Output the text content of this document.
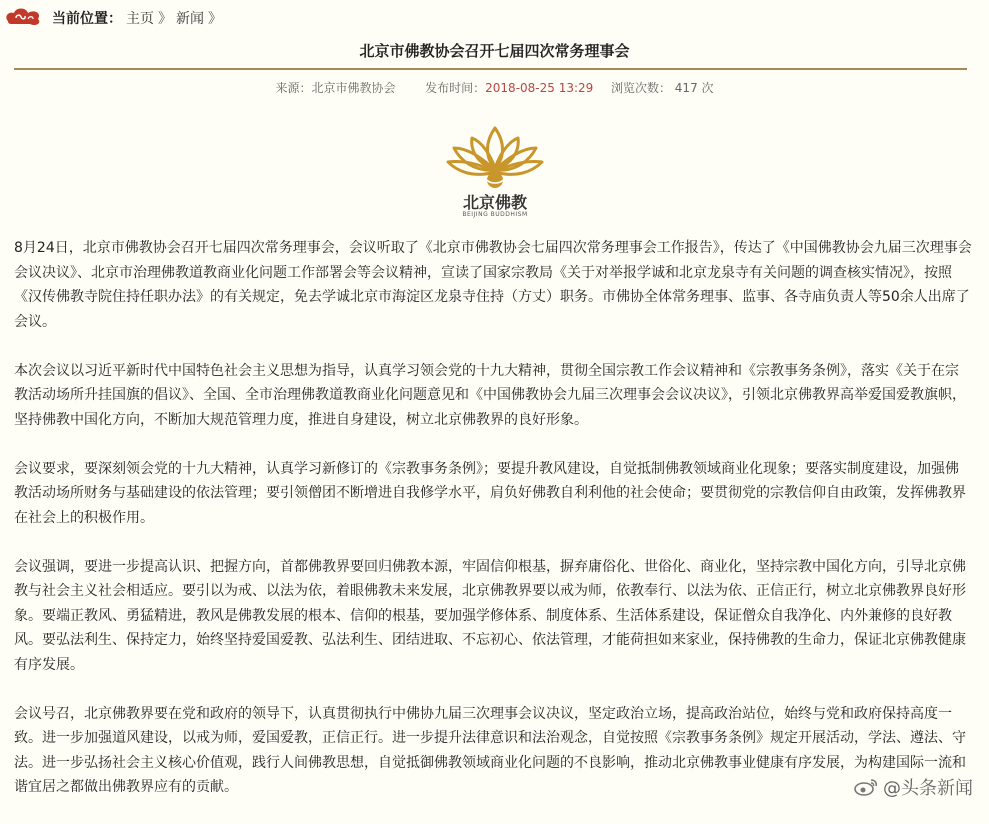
当前位置： 主页 》 新闻 》
北京市佛教协会召开七届四次常务理事会
来源：北京市佛教协会 发布时间：2018-08-25 13:29 浏览次数： 417 次
北京佛教
BEIJING BUDDHISM

8月24日，北京市佛教协会召开七届四次常务理事会，会议听取了《北京市佛教协会七届四次常务理事会工作报告》，传达了《中国佛教协会九届三次理事会会议决议》、北京市治理佛教道教商业化问题工作部署会等会议精神，宣读了国家宗教局《关于对举报学诚和北京龙泉寺有关问题的调查核实情况》，按照《汉传佛教寺院住持任职办法》的有关规定，免去学诚北京市海淀区龙泉寺住持（方丈）职务。市佛协全体常务理事、监事、各寺庙负责人等50余人出席了会议。

本次会议以习近平新时代中国特色社会主义思想为指导，认真学习领会党的十九大精神，贯彻全国宗教工作会议精神和《宗教事务条例》，落实《关于在宗教活动场所升挂国旗的倡议》、全国、全市治理佛教道教商业化问题意见和《中国佛教协会九届三次理事会会议决议》，引领北京佛教界高举爱国爱教旗帜，坚持佛教中国化方向，不断加大规范管理力度，推进自身建设，树立北京佛教界的良好形象。

会议要求，要深刻领会党的十九大精神，认真学习新修订的《宗教事务条例》；要提升教风建设，自觉抵制佛教领域商业化现象；要落实制度建设，加强佛教活动场所财务与基础建设的依法管理；要引领僧团不断增进自我修学水平，肩负好佛教自利利他的社会使命；要贯彻党的宗教信仰自由政策，发挥佛教界在社会上的积极作用。

会议强调，要进一步提高认识、把握方向，首都佛教界要回归佛教本源，牢固信仰根基，摒弃庸俗化、世俗化、商业化，坚持宗教中国化方向，引导北京佛教与社会主义社会相适应。要引以为戒、以法为依，着眼佛教未来发展，北京佛教界要以戒为师，依教奉行、以法为依、正信正行，树立北京佛教界良好形象。要端正教风、勇猛精进，教风是佛教发展的根本、信仰的根基，要加强学修体系、制度体系、生活体系建设，保证僧众自我净化、内外兼修的良好教风。要弘法利生、保持定力，始终坚持爱国爱教、弘法利生、团结进取、不忘初心、依法管理，才能荷担如来家业，保持佛教的生命力，保证北京佛教健康有序发展。

会议号召，北京佛教界要在党和政府的领导下，认真贯彻执行中佛协九届三次理事会议决议，坚定政治立场，提高政治站位，始终与党和政府保持高度一致。进一步加强道风建设，以戒为师，爱国爱教，正信正行。进一步提升法律意识和法治观念，自觉按照《宗教事务条例》规定开展活动，学法、遵法、守法。进一步弘扬社会主义核心价值观，践行人间佛教思想，自觉抵御佛教领域商业化问题的不良影响，推动北京佛教事业健康有序发展，为构建国际一流和谐宜居之都做出佛教界应有的贡献。	@头条新闻
